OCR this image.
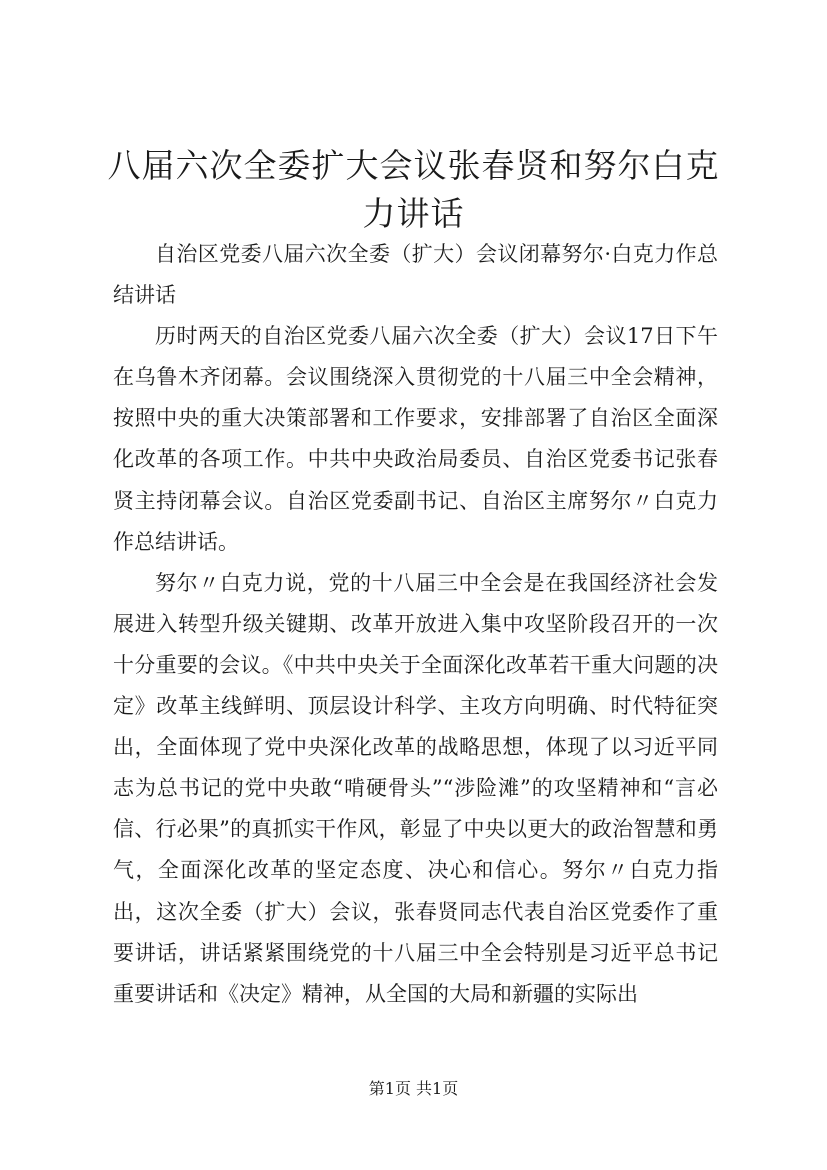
八届六次全委扩大会议张春贤和努尔白克力讲话

自治区党委八届六次全委（扩大）会议闭幕努尔·白克力作总结讲话

历时两天的自治区党委八届六次全委（扩大）会议17日下午在乌鲁木齐闭幕。会议围绕深入贯彻党的十八届三中全会精神，按照中央的重大决策部署和工作要求，安排部署了自治区全面深化改革的各项工作。中共中央政治局委员、自治区党委书记张春贤主持闭幕会议。自治区党委副书记、自治区主席努尔〃白克力作总结讲话。

努尔〃白克力说，党的十八届三中全会是在我国经济社会发展进入转型升级关键期、改革开放进入集中攻坚阶段召开的一次十分重要的会议。《中共中央关于全面深化改革若干重大问题的决定》改革主线鲜明、顶层设计科学、主攻方向明确、时代特征突出，全面体现了党中央深化改革的战略思想，体现了以习近平同志为总书记的党中央敢“啃硬骨头”“涉险滩”的攻坚精神和“言必信、行必果”的真抓实干作风，彰显了中央以更大的政治智慧和勇气，全面深化改革的坚定态度、决心和信心。努尔〃白克力指出，这次全委（扩大）会议，张春贤同志代表自治区党委作了重要讲话，讲话紧紧围绕党的十八届三中全会特别是习近平总书记重要讲话和《决定》精神，从全国的大局和新疆的实际出

第1页 共1页
